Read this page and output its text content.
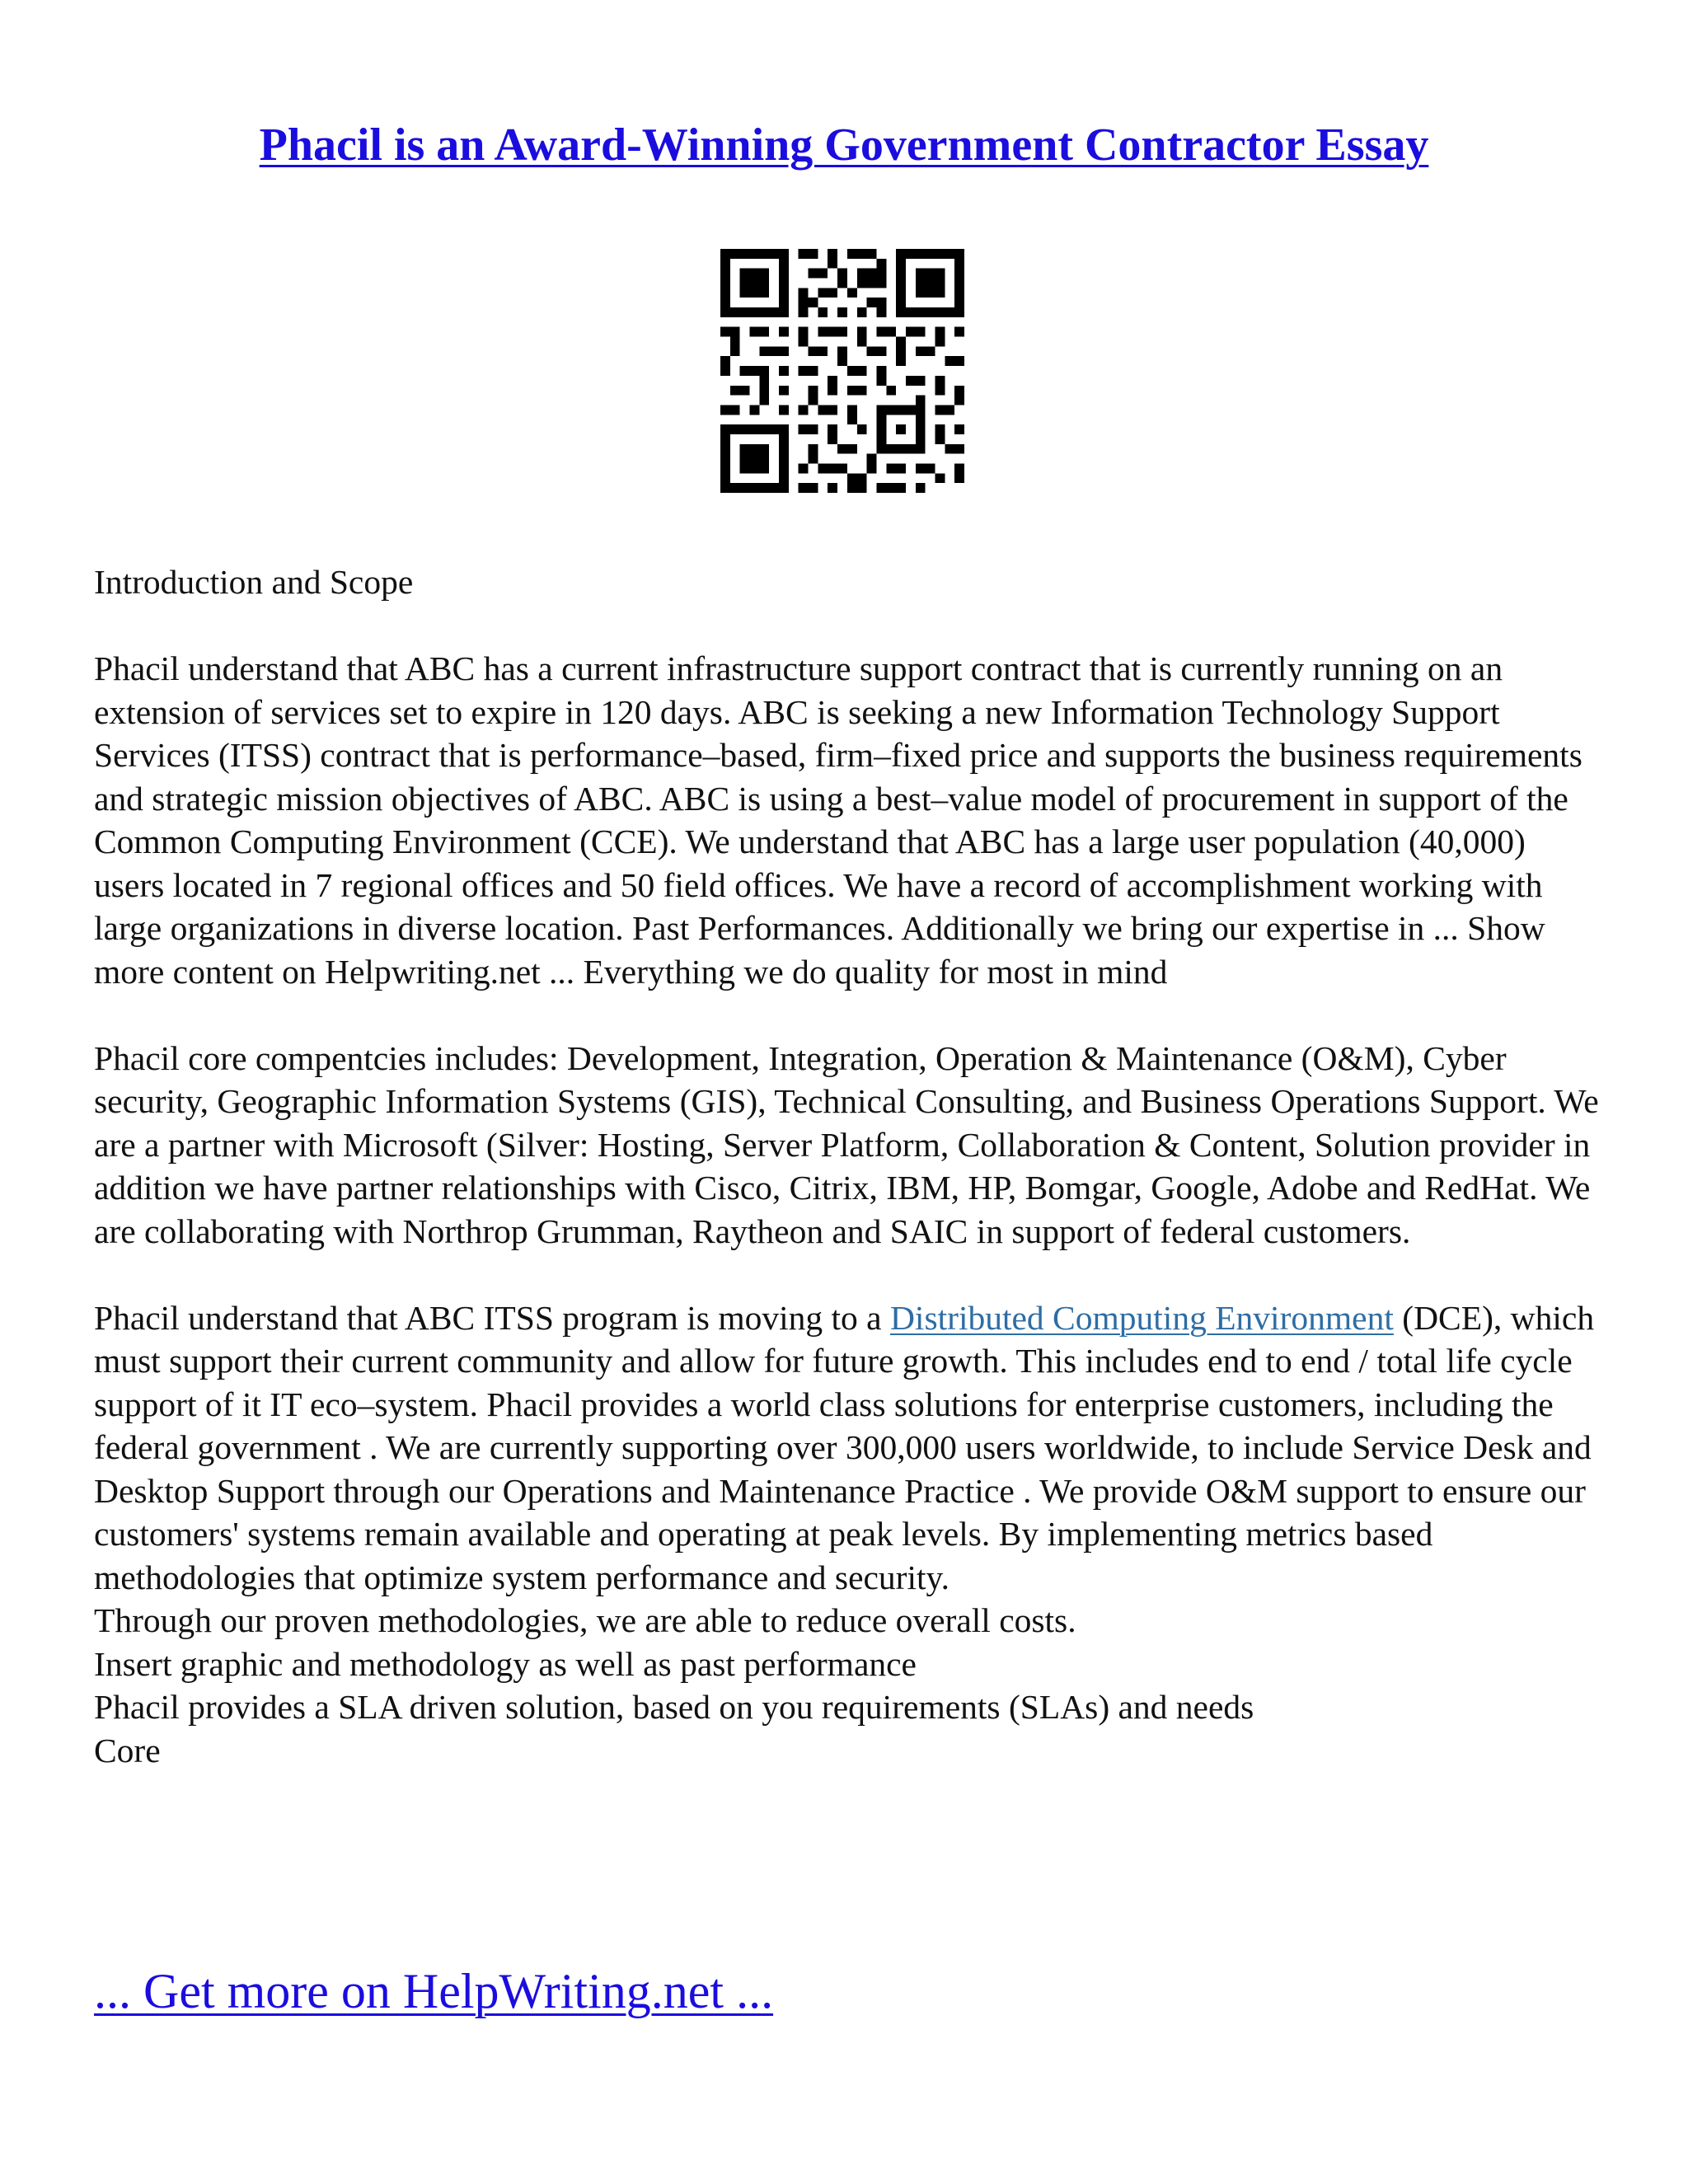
Phacil is an Award-Winning Government Contractor Essay

Introduction and Scope

Phacil understand that ABC has a current infrastructure support contract that is currently running on an extension of services set to expire in 120 days. ABC is seeking a new Information Technology Support Services (ITSS) contract that is performance–based, firm–fixed price and supports the business requirements and strategic mission objectives of ABC. ABC is using a best–value model of procurement in support of the Common Computing Environment (CCE). We understand that ABC has a large user population (40,000) users located in 7 regional offices and 50 field offices. We have a record of accomplishment working with large organizations in diverse location. Past Performances. Additionally we bring our expertise in ... Show more content on Helpwriting.net ... Everything we do quality for most in mind

Phacil core compentcies includes: Development, Integration, Operation & Maintenance (O&M), Cyber security, Geographic Information Systems (GIS), Technical Consulting, and Business Operations Support. We are a partner with Microsoft (Silver: Hosting, Server Platform, Collaboration & Content, Solution provider in addition we have partner relationships with Cisco, Citrix, IBM, HP, Bomgar, Google, Adobe and RedHat. We are collaborating with Northrop Grumman, Raytheon and SAIC in support of federal customers.

Phacil understand that ABC ITSS program is moving to a Distributed Computing Environment (DCE), which must support their current community and allow for future growth. This includes end to end / total life cycle support of it IT eco–system. Phacil provides a world class solutions for enterprise customers, including the federal government . We are currently supporting over 300,000 users worldwide, to include Service Desk and Desktop Support through our Operations and Maintenance Practice . We provide O&M support to ensure our customers' systems remain available and operating at peak levels. By implementing metrics based methodologies that optimize system performance and security.

Through our proven methodologies, we are able to reduce overall costs.

Insert graphic and methodology as well as past performance

Phacil provides a SLA driven solution, based on you requirements (SLAs) and needs

Core

... Get more on HelpWriting.net ...
